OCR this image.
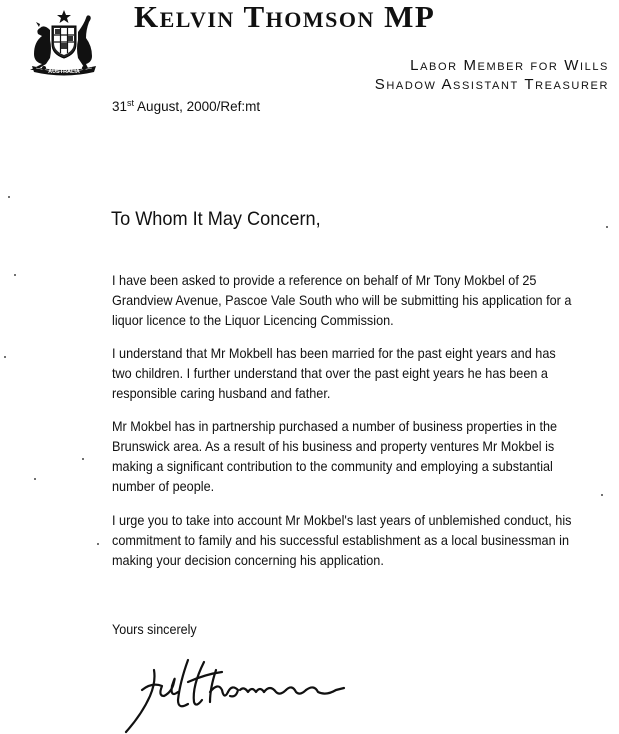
AUSTRALIA
Kelvin Thomson MP
Labor Member for Wills
Shadow Assistant Treasurer
31st August, 2000/Ref:mt
To Whom It May Concern,
I have been asked to provide a reference on behalf of Mr Tony Mokbel of 25
Grandview Avenue, Pascoe Vale South who will be submitting his application for a
liquor licence to the Liquor Licencing Commission.
I understand that Mr Mokbell has been married for the past eight years and has
two children. I further understand that over the past eight years he has been a
responsible caring husband and father.
Mr Mokbel has in partnership purchased a number of business properties in the
Brunswick area. As a result of his business and property ventures Mr Mokbel is
making a significant contribution to the community and employing a substantial
number of people.
I urge you to take into account Mr Mokbel's last years of unblemished conduct, his
commitment to family and his successful establishment as a local businessman in
making your decision concerning his application.
Yours sincerely
